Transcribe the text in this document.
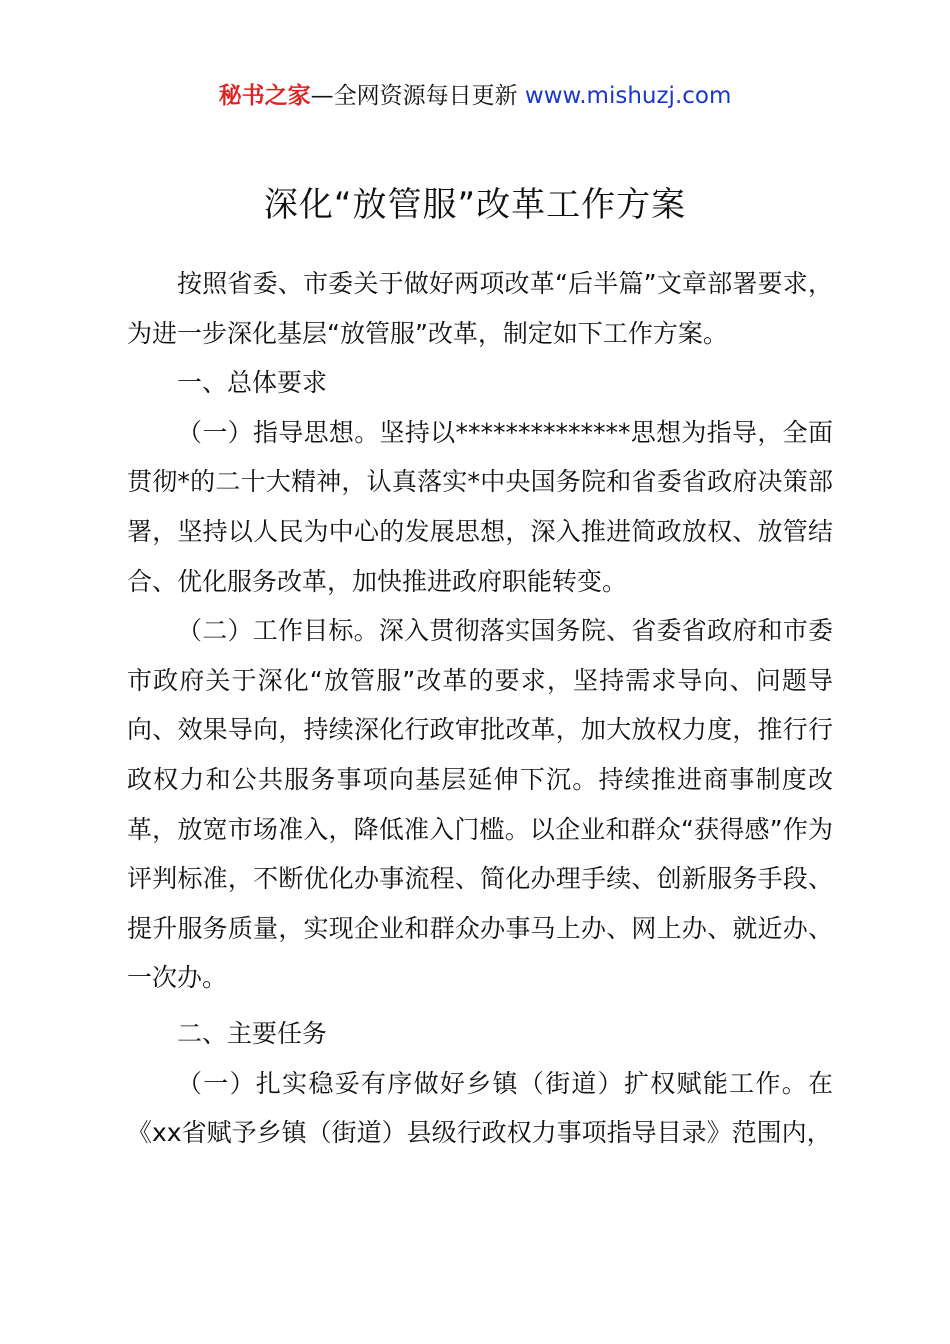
秘书之家—全网资源每日更新 www.mishuzj.com
深化“放管服”改革工作方案

按照省委、市委关于做好两项改革“后半篇”文章部署要求，为进一步深化基层“放管服”改革，制定如下工作方案。

一、总体要求

（一）指导思想。坚持以**************思想为指导，全面贯彻*的二十大精神，认真落实*中央国务院和省委省政府决策部署，坚持以人民为中心的发展思想，深入推进简政放权、放管结合、优化服务改革，加快推进政府职能转变。

（二）工作目标。深入贯彻落实国务院、省委省政府和市委市政府关于深化“放管服”改革的要求，坚持需求导向、问题导向、效果导向，持续深化行政审批改革，加大放权力度，推行行政权力和公共服务事项向基层延伸下沉。持续推进商事制度改革，放宽市场准入，降低准入门槛。以企业和群众“获得感”作为评判标准，不断优化办事流程、简化办理手续、创新服务手段、提升服务质量，实现企业和群众办事马上办、网上办、就近办、一次办。

二、主要任务

（一）扎实稳妥有序做好乡镇（街道）扩权赋能工作。在《xx省赋予乡镇（街道）县级行政权力事项指导目录》范围内，
